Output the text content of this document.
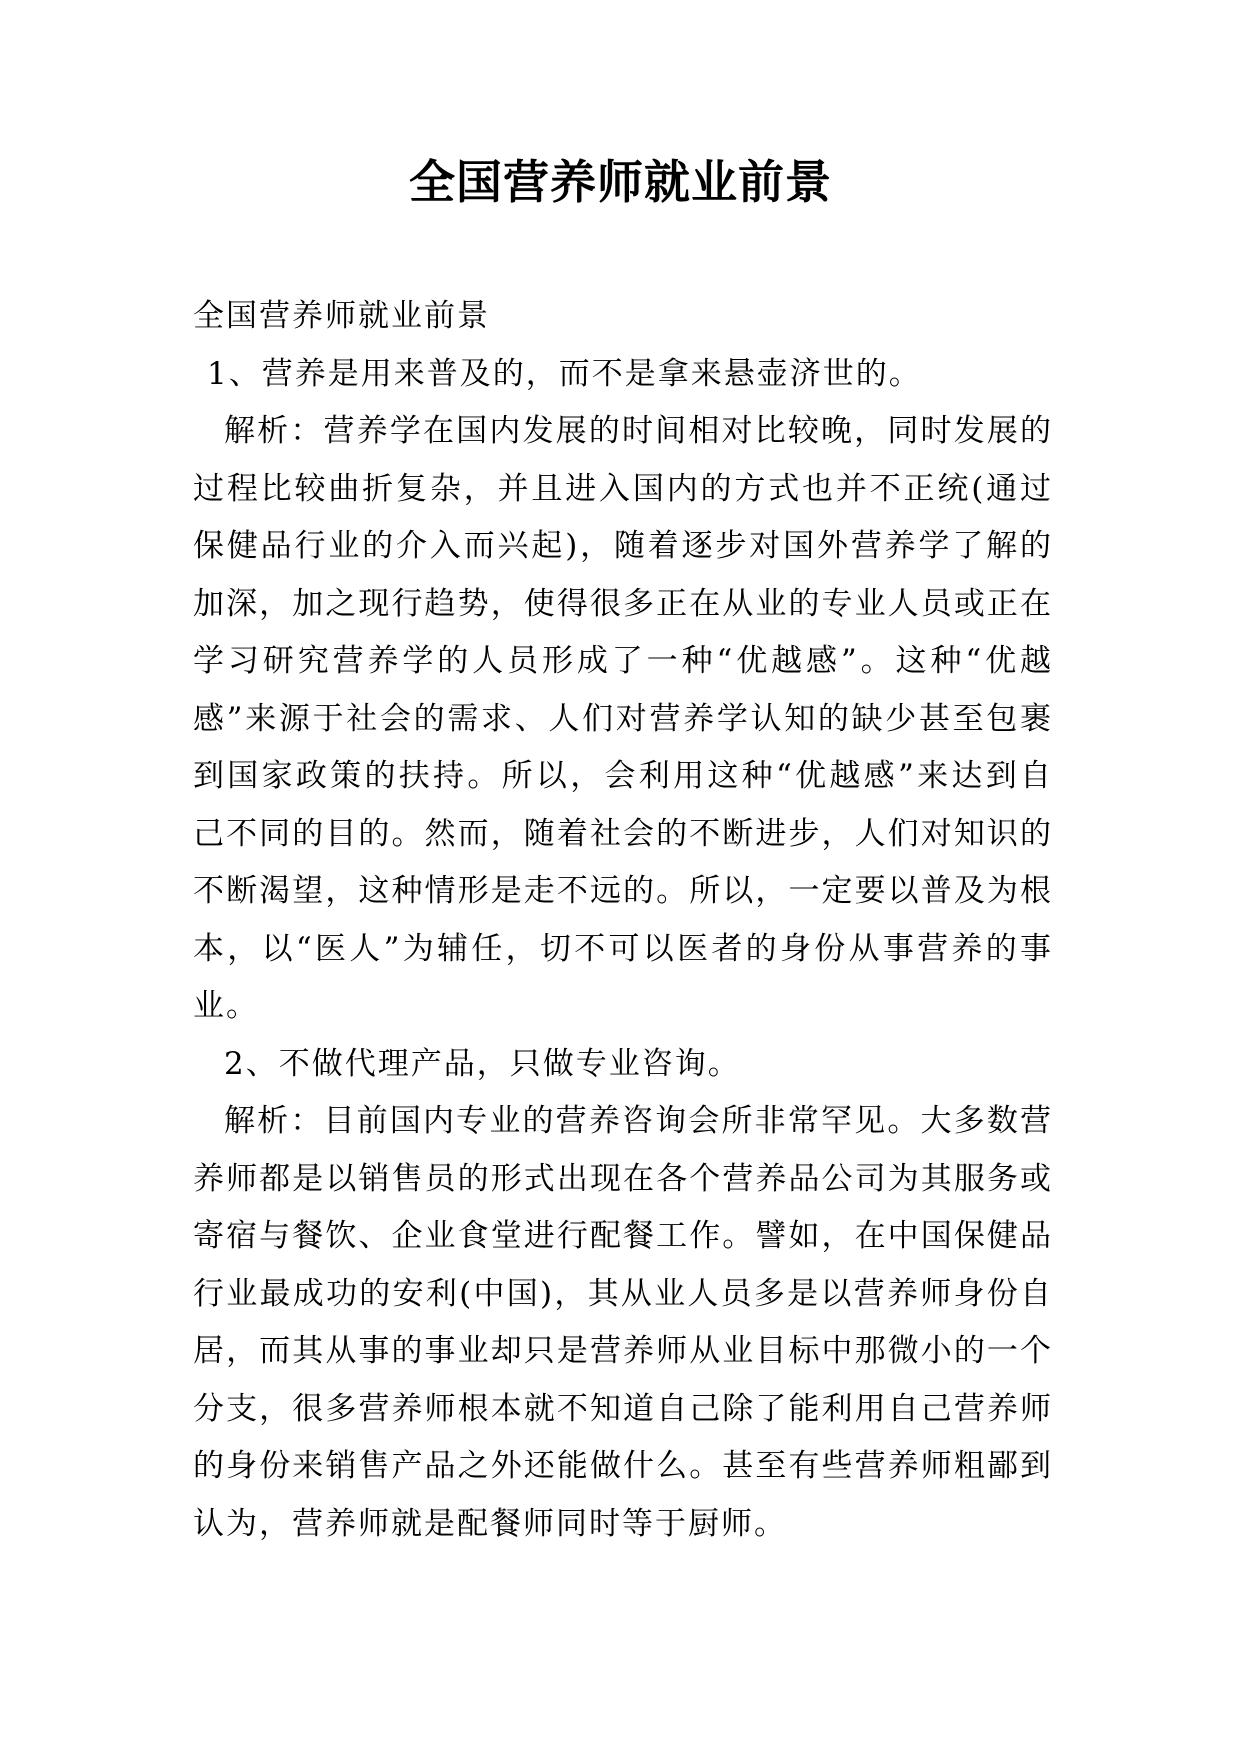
全国营养师就业前景

全国营养师就业前景

1、营养是用来普及的，而不是拿来悬壶济世的。

解析：营养学在国内发展的时间相对比较晚，同时发展的过程比较曲折复杂，并且进入国内的方式也并不正统(通过保健品行业的介入而兴起)，随着逐步对国外营养学了解的加深，加之现行趋势，使得很多正在从业的专业人员或正在学习研究营养学的人员形成了一种“优越感”。这种“优越感”来源于社会的需求、人们对营养学认知的缺少甚至包裹到国家政策的扶持。所以，会利用这种“优越感”来达到自己不同的目的。然而，随着社会的不断进步，人们对知识的不断渴望，这种情形是走不远的。所以，一定要以普及为根本，以“医人”为辅任，切不可以医者的身份从事营养的事业。

2、不做代理产品，只做专业咨询。

解析：目前国内专业的营养咨询会所非常罕见。大多数营养师都是以销售员的形式出现在各个营养品公司为其服务或寄宿与餐饮、企业食堂进行配餐工作。譬如，在中国保健品行业最成功的安利(中国)，其从业人员多是以营养师身份自居，而其从事的事业却只是营养师从业目标中那微小的一个分支，很多营养师根本就不知道自己除了能利用自己营养师的身份来销售产品之外还能做什么。甚至有些营养师粗鄙到认为，营养师就是配餐师同时等于厨师。
